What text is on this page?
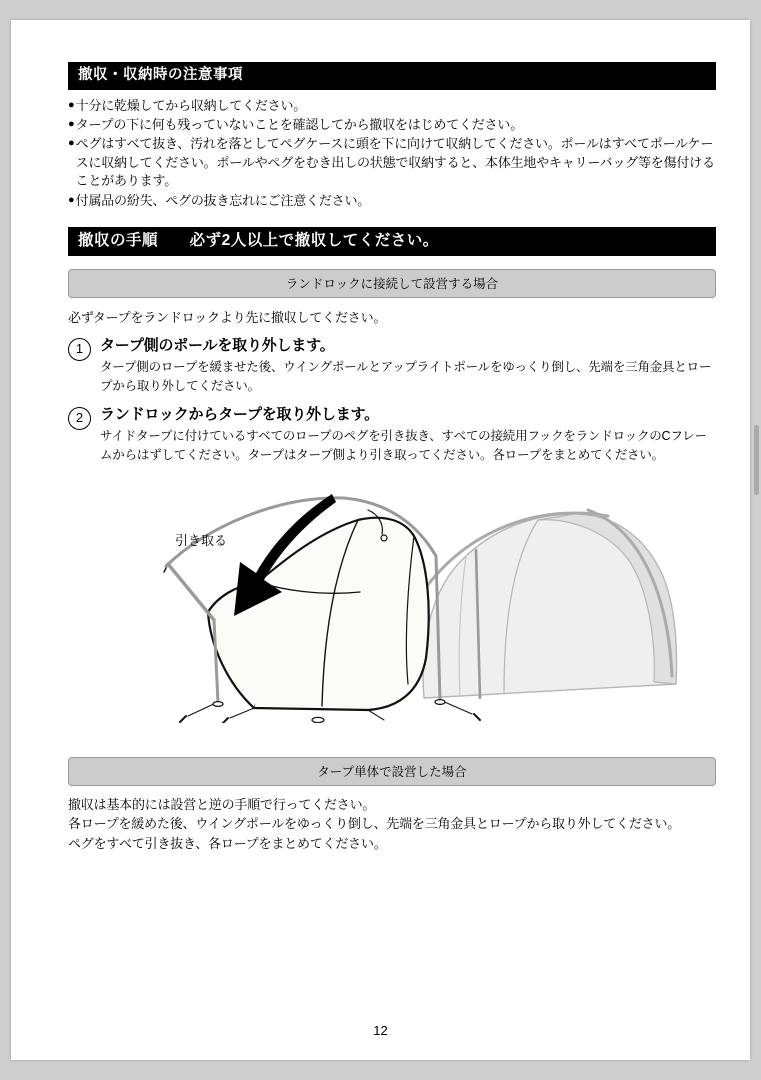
撤収・収納時の注意事項
● 十分に乾燥してから収納してください。
● タープの下に何も残っていないことを確認してから撤収をはじめてください。
● ペグはすべて抜き、汚れを落としてペグケースに頭を下に向けて収納してください。ポールはすべてポールケースに収納してください。ポールやペグをむき出しの状態で収納すると、本体生地やキャリーバッグ等を傷付けることがあります。
● 付属品の紛失、ペグの抜き忘れにご注意ください。
撤収の手順 必ず2人以上で撤収してください。
ランドロックに接続して設営する場合
必ずタープをランドロックより先に撤収してください。
1	タープ側のポールを取り外します。
タープ側のロープを緩ませた後、ウイングポールとアップライトポールをゆっくり倒し、先端を三角金具とロープから取り外してください。
2	ランドロックからタープを取り外します。
サイドタープに付けているすべてのロープのペグを引き抜き、すべての接続用フックをランドロックのCフレームからはずしてください。タープはタープ側より引き取ってください。各ロープをまとめてください。
引き取る
タープ単体で設営した場合
撤収は基本的には設営と逆の手順で行ってください。
各ロープを緩めた後、ウイングポールをゆっくり倒し、先端を三角金具とロープから取り外してください。
ペグをすべて引き抜き、各ロープをまとめてください。
12
